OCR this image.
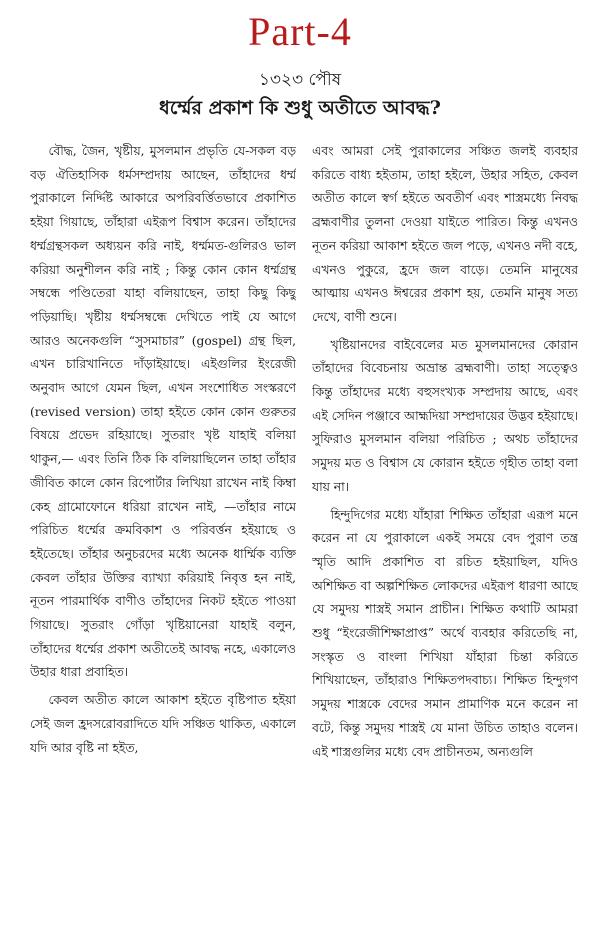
Part-4
১৩২৩ পৌষ
ধর্ম্মের প্রকাশ কি শুধু অতীতে আবদ্ধ?

বৌদ্ধ, জৈন, খৃষ্টীয়, মুসলমান প্রভৃতি যে-সকল বড় বড় ঐতিহাসিক ধর্মসম্প্রদায় আছেন, তাঁহাদের ধর্ম্ম পুরাকালে নির্দ্দিষ্ট আকারে অপরিবর্ত্তিতভাবে প্রকাশিত হইয়া গিয়াছে, তাঁহারা এইরূপ বিশ্বাস করেন। তাঁহাদের ধর্ম্মগ্রন্থসকল অধ্যয়ন করি নাই, ধর্ম্মমত-গুলিরও ভাল করিয়া অনুশীলন করি নাই ; কিন্তু কোন কোন ধর্ম্মগ্রন্থ সম্বন্ধে পণ্ডিতেরা যাহা বলিয়াছেন, তাহা কিছু কিছু পড়িয়াছি। খৃষ্টীয় ধর্ম্মসম্বন্ধে দেখিতে পাই যে আগে আরও অনেকগুলি “সুসমাচার” (gospel) গ্রন্থ ছিল, এখন চারিখানিতে দাঁড়াইয়াছে। এইগুলির ইংরেজী অনুবাদ আগে যেমন ছিল, এখন সংশোধিত সংস্করণে (revised version) তাহা হইতে কোন কোন গুরুতর বিষয়ে প্রভেদ রহিয়াছে। সুতরাং খৃষ্ট যাহাই বলিয়া থাকুন,— এবং তিনি ঠিক কি বলিয়াছিলেন তাহা তাঁহার জীবিত কালে কোন রিপোর্টার লিখিয়া রাখেন নাই কিম্বা কেহ গ্রামোফোনে ধরিয়া রাখেন নাই, —তাঁহার নামে পরিচিত ধর্ম্মের ক্রমবিকাশ ও পরিবর্ত্তন হইয়াছে ও হইতেছে। তাঁহার অনুচরদের মধ্যে অনেক ধার্ম্মিক ব্যক্তি কেবল তাঁহার উক্তির ব্যাখ্যা করিয়াই নিবৃত্ত হন নাই, নূতন পারমার্থিক বাণীও তাঁহাদের নিকট হইতে পাওয়া গিয়াছে। সুতরাং গোঁড়া খৃষ্টিয়ানেরা যাহাই বলুন, তাঁহাদের ধর্ম্মের প্রকাশ অতীতেই আবদ্ধ নহে, একালেও উহার ধারা প্রবাহিত।

কেবল অতীত কালে আকাশ হইতে বৃষ্টিপাত হইয়া সেই জল হ্রদসরোবরাদিতে যদি সঞ্চিত থাকিত, একালে যদি আর বৃষ্টি না হইত,

এবং আমরা সেই পুরাকালের সঞ্চিত জলই ব্যবহার করিতে বাধ্য হইতাম, তাহা হইলে, উহার সহিত, কেবল অতীত কালে স্বর্গ হইতে অবতীর্ণ এবং শাস্ত্রমধ্যে নিবদ্ধ ব্রহ্মবাণীর তুলনা দেওয়া যাইতে পারিত। কিন্তু এখনও নূতন করিয়া আকাশ হইতে জল পড়ে, এখনও নদী বহে, এখনও পুকুরে, হ্রদে জল বাড়ে। তেমনি মানুষের আত্মায় এখনও ঈশ্বরের প্রকাশ হয়, তেমনি মানুষ সত্য দেখে, বাণী শুনে।

খৃষ্টিয়ানদের বাইবেলের মত মুসলমানদের কোরান তাঁহাদের বিবেচনায় অভ্রান্ত ব্রহ্মবাণী। তাহা সত্ত্বেও কিন্তু তাঁহাদের মধ্যে বহুসংখ্যক সম্প্রদায় আছে, এবং এই সেদিন পঞ্জাবে আহ্মদিয়া সম্প্রদায়ের উদ্ভব হইয়াছে। সুফিরাও মুসলমান বলিয়া পরিচিত ; অথচ তাঁহাদের সমুদয় মত ও বিশ্বাস যে কোরান হইতে গৃহীত তাহা বলা যায় না।

হিন্দুদিগের মধ্যে যাঁহারা শিক্ষিত তাঁহারা এরূপ মনে করেন না যে পুরাকালে একই সময়ে বেদ পুরাণ তন্ত্র স্মৃতি আদি প্রকাশিত বা রচিত হইয়াছিল, যদিও অশিক্ষিত বা অল্পশিক্ষিত লোকদের এইরূপ ধারণা আছে যে সমুদয় শাস্ত্রই সমান প্রাচীন। শিক্ষিত কথাটি আমরা শুধু “ইংরেজীশিক্ষাপ্রাপ্ত” অর্থে ব্যবহার করিতেছি না, সংস্কৃত ও বাংলা শিখিয়া যাঁহারা চিন্তা করিতে শিখিয়াছেন, তাঁহারাও শিক্ষিতপদবাচ্য। শিক্ষিত হিন্দুগণ সমুদয় শাস্ত্রকে বেদের সমান প্রামাণিক মনে করেন না বটে, কিন্তু সমুদয় শাস্ত্রই যে মানা উচিত তাহাও বলেন। এই শাস্ত্রগুলির মধ্যে বেদ প্রাচীনতম, অন্যগুলি
